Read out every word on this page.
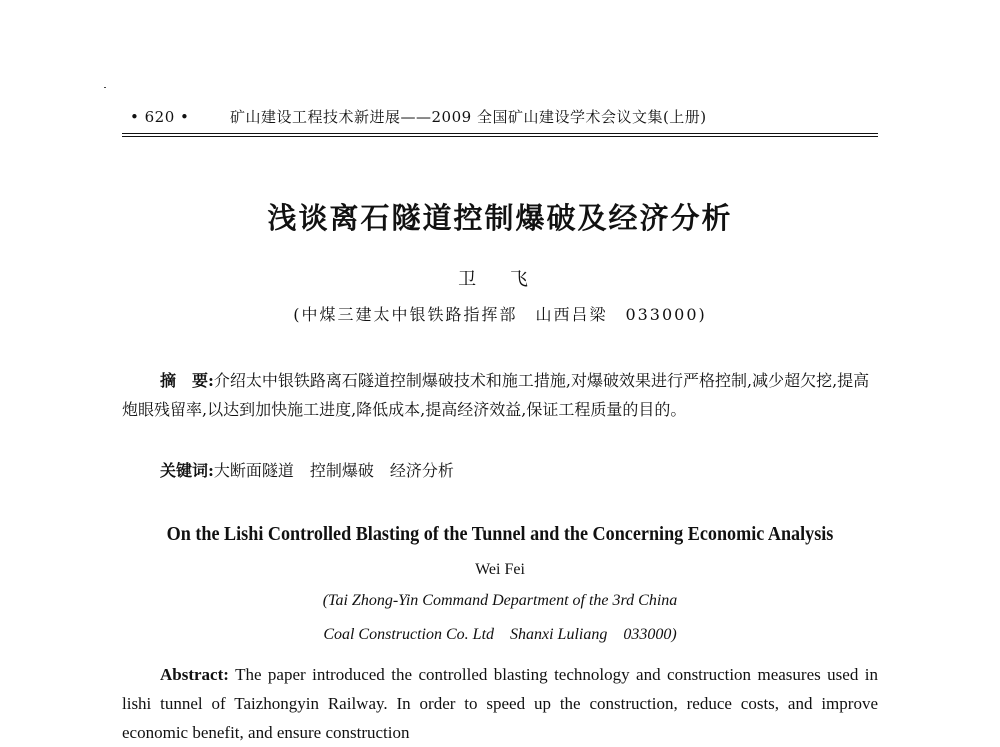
• 620 •	矿山建设工程技术新进展——2009 全国矿山建设学术会议文集(上册)
浅谈离石隧道控制爆破及经济分析
卫 飞
(中煤三建太中银铁路指挥部　山西吕梁　033000)
摘　要:介绍太中银铁路离石隧道控制爆破技术和施工措施,对爆破效果进行严格控制,减少超欠挖,提高炮眼残留率,以达到加快施工进度,降低成本,提高经济效益,保证工程质量的目的。
关键词:大断面隧道　控制爆破　经济分析
On the Lishi Controlled Blasting of the Tunnel and the Concerning Economic Analysis
Wei Fei
(Tai Zhong-Yin Command Department of the 3rd China
Coal Construction Co. Ltd　Shanxi Luliang　033000)
Abstract: The paper introduced the controlled blasting technology and construction measures used in lishi tunnel of Taizhongyin Railway. In order to speed up the construction, reduce costs, and improve economic benefit, and ensure construction
